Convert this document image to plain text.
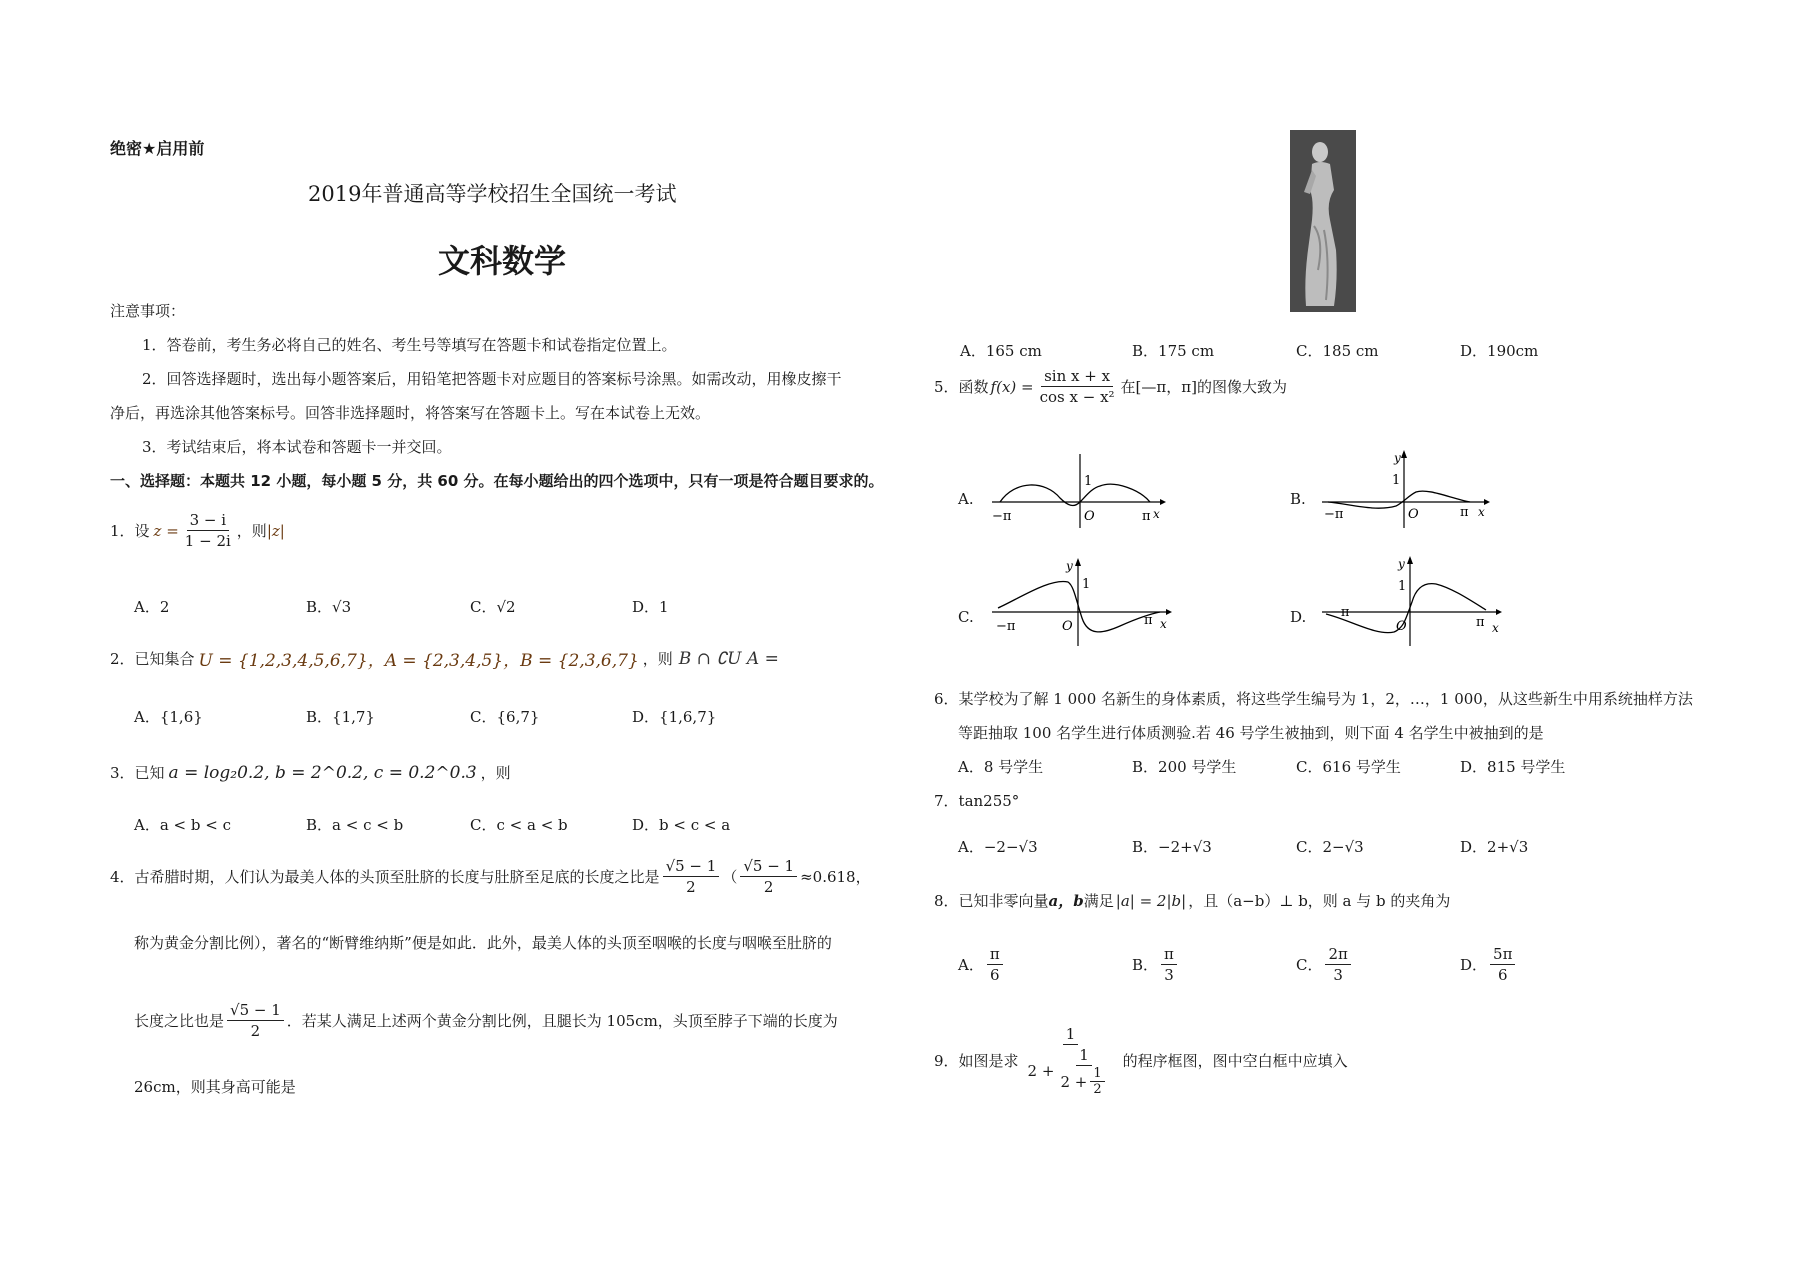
绝密★启用前
2019年普通高等学校招生全国统一考试
文科数学
注意事项：
1．答卷前，考生务必将自己的姓名、考生号等填写在答题卡和试卷指定位置上。
2．回答选择题时，选出每小题答案后，用铅笔把答题卡对应题目的答案标号涂黑。如需改动，用橡皮擦干
净后，再选涂其他答案标号。回答非选择题时，将答案写在答题卡上。写在本试卷上无效。
3．考试结束后，将本试卷和答题卡一并交回。
一、选择题：本题共 12 小题，每小题 5 分，共 60 分。在每小题给出的四个选项中，只有一项是符合题目要求的。
1．设 $z = \frac{3 - i}{1 - 2i}$ ，则 |z|
A．2	B．√3	C．√2	D．1
2．已知集合 U = {1,2,3,4,5,6,7}，A = {2,3,4,5}，B = {2,3,6,7} ，则 B ∩ ∁U A =
A．{1,6}	B．{1,7}	C．{6,7}	D．{1,6,7}
3．已知 a = log₂0.2, b = 2^0.2, c = 0.2^0.3 ，则
A．a < b < c	B．a < c < b	C．c < a < b	D．b < c < a
4．古希腊时期，人们认为最美人体的头顶至肚脐的长度与肚脐至足底的长度之比是 $\frac{√5 - 1}{2}$ （ $\frac{√5 - 1}{2} \approx 0.618$，
称为黄金分割比例），著名的“断臂维纳斯”便是如此．此外，最美人体的头顶至咽喉的长度与咽喉至肚脐的
长度之比也是 $\frac{√5 - 1}{2}$ ．若某人满足上述两个黄金分割比例，且腿长为 105cm，头顶至脖子下端的长度为
26cm，则其身高可能是
A．165 cm	B．175 cm	C．185 cm	D．190cm
5．函数 $f(x) = \frac{\text{sin x + x}}{\text{cos x − x²}}$ 在[—π，π]的图像大致为
A.
1
−π	O	π x
B.
y
1
−π	O	π x
C.
y
1
−π	O	π x	D.
y
1
−π
O	π x
6．某学校为了解 1 000 名新生的身体素质，将这些学生编号为 1，2，…，1 000，从这些新生中用系统抽样方法
等距抽取 100 名学生进行体质测验.若 46 号学生被抽到，则下面 4 名学生中被抽到的是
A．8 号学生	B．200 号学生	C．616 号学生	D．815 号学生
7．tan255°
A．−2−√3	B．−2+√3	C．2−√3	D．2+√3
8．已知非零向量 a，b 满足 |a| = 2|b| ，且（a−b）⊥ b，则 a 与 b 的夹角为
A． $\frac{\pi}{6}$	B． $\frac{\pi}{3}$	C． $\frac{2\pi}{3}$	D． $\frac{5\pi}{6}$
9．如图是求
1
$2 + \frac{1}{2 + \frac{1}{2}}$ 的程序框图，图中空白框中应填入
